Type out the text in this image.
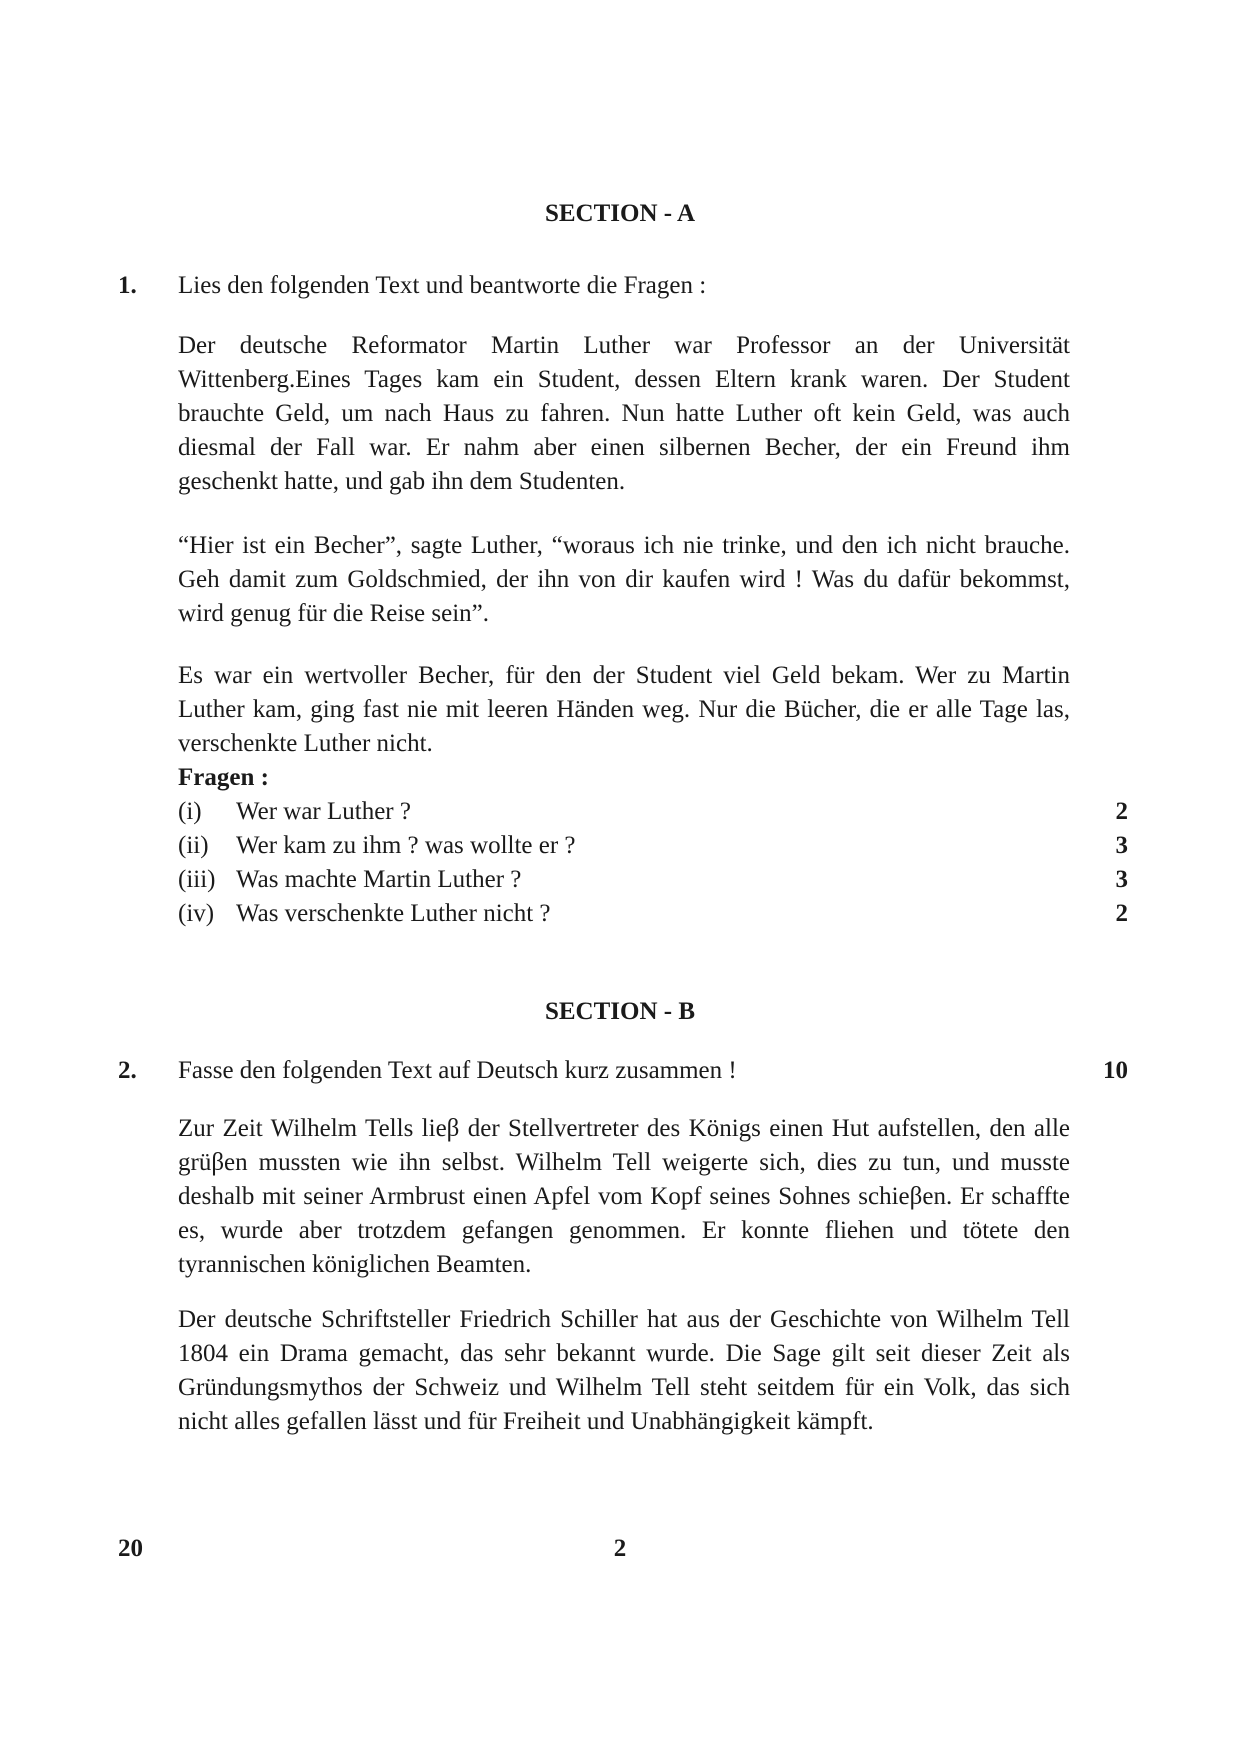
SECTION - A
1. Lies den folgenden Text und beantworte die Fragen :
Der deutsche Reformator Martin Luther war Professor an der Universität Wittenberg.Eines Tages kam ein Student, dessen Eltern krank waren. Der Student brauchte Geld, um nach Haus zu fahren. Nun hatte Luther oft kein Geld, was auch diesmal der Fall war. Er nahm aber einen silbernen Becher, der ein Freund ihm geschenkt hatte, und gab ihn dem Studenten.
“Hier ist ein Becher”, sagte Luther, “woraus ich nie trinke, und den ich nicht brauche. Geh damit zum Goldschmied, der ihn von dir kaufen wird ! Was du dafür bekommst, wird genug für die Reise sein”.
Es war ein wertvoller Becher, für den der Student viel Geld bekam. Wer zu Martin Luther kam, ging fast nie mit leeren Händen weg. Nur die Bücher, die er alle Tage las, verschenkte Luther nicht.
Fragen :
(i) Wer war Luther ?	2
(ii) Wer kam zu ihm ? was wollte er ?	3
(iii) Was machte Martin Luther ?	3
(iv) Was verschenkte Luther nicht ?	2
SECTION - B
2. Fasse den folgenden Text auf Deutsch kurz zusammen !	10
Zur Zeit Wilhelm Tells lieβ der Stellvertreter des Königs einen Hut aufstellen, den alle grüβen mussten wie ihn selbst. Wilhelm Tell weigerte sich, dies zu tun, und musste deshalb mit seiner Armbrust einen Apfel vom Kopf seines Sohnes schieβen. Er schaffte es, wurde aber trotzdem gefangen genommen. Er konnte fliehen und tötete den tyrannischen königlichen Beamten.
Der deutsche Schriftsteller Friedrich Schiller hat aus der Geschichte von Wilhelm Tell 1804 ein Drama gemacht, das sehr bekannt wurde. Die Sage gilt seit dieser Zeit als Gründungsmythos der Schweiz und Wilhelm Tell steht seitdem für ein Volk, das sich nicht alles gefallen lässt und für Freiheit und Unabhängigkeit kämpft.
20	2
